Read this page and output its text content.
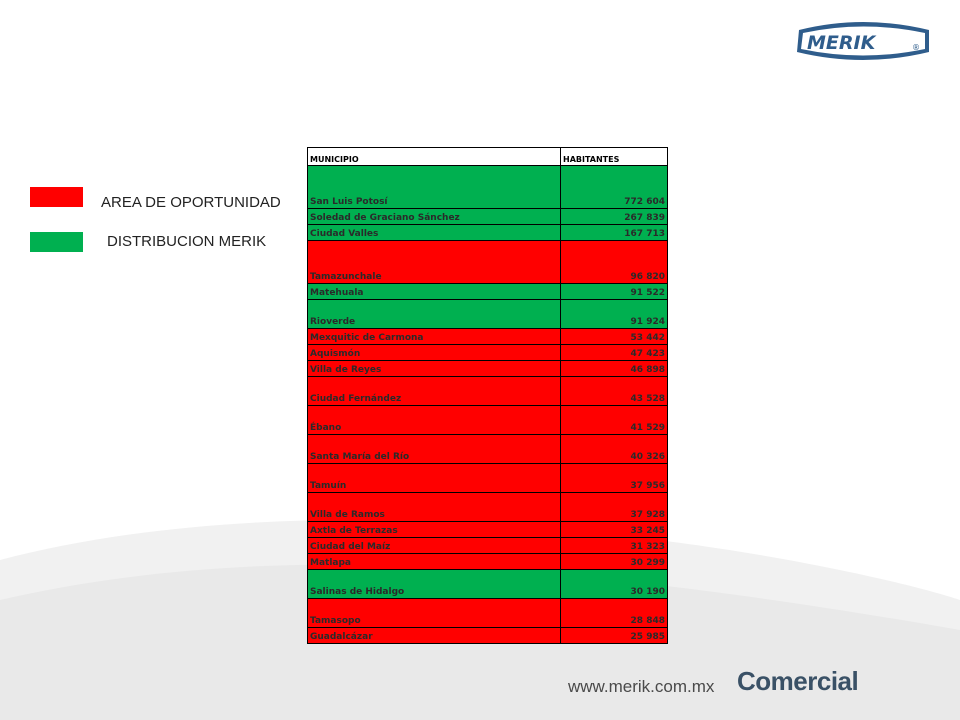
MERIK	®
AREA DE OPORTUNIDAD
DISTRIBUCION MERIK
MUNICIPIO	HABITANTES
San Luis Potosí	772 604
Soledad de Graciano Sánchez	267 839
Ciudad Valles	167 713
Tamazunchale	96 820
Matehuala	91 522
Rioverde	91 924
Mexquitic de Carmona	53 442
Aquismón	47 423
Villa de Reyes	46 898
Ciudad Fernández	43 528
Ébano	41 529
Santa María del Río	40 326
Tamuín	37 956
Villa de Ramos	37 928
Axtla de Terrazas	33 245
Ciudad del Maíz	31 323
Matlapa	30 299
Salinas de Hidalgo	30 190
Tamasopo	28 848
Guadalcázar	25 985
www.merik.com.mx Comercial
